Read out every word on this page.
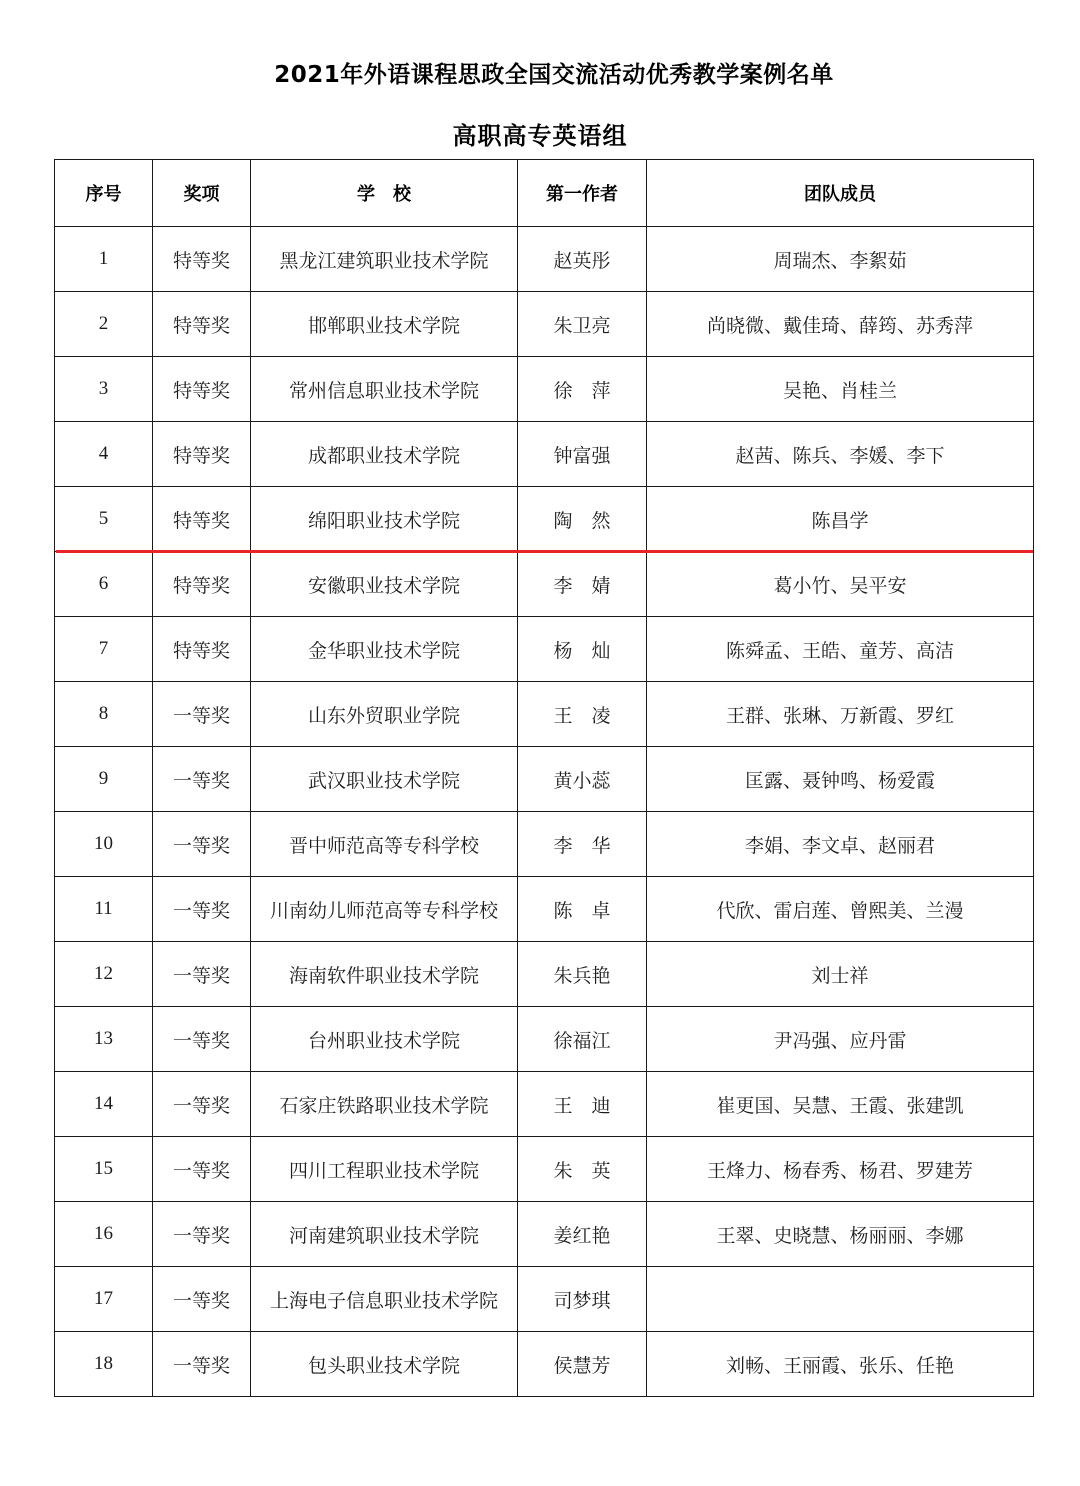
2021年外语课程思政全国交流活动优秀教学案例名单
高职高专英语组
序号	奖项	学　校	第一作者	团队成员
1	特等奖	黑龙江建筑职业技术学院	赵英彤	周瑞杰、李絮茹
2	特等奖	邯郸职业技术学院	朱卫亮	尚晓微、戴佳琦、薛筠、苏秀萍
3	特等奖	常州信息职业技术学院	徐　萍	吴艳、肖桂兰
4	特等奖	成都职业技术学院	钟富强	赵茜、陈兵、李媛、李下
5	特等奖	绵阳职业技术学院	陶　然	陈昌学
6	特等奖	安徽职业技术学院	李　婧	葛小竹、吴平安
7	特等奖	金华职业技术学院	杨　灿	陈舜孟、王皓、童芳、高洁
8	一等奖	山东外贸职业学院	王　凌	王群、张琳、万新霞、罗红
9	一等奖	武汉职业技术学院	黄小蕊	匡露、聂钟鸣、杨爱霞
10	一等奖	晋中师范高等专科学校	李　华	李娟、李文卓、赵丽君
11	一等奖	川南幼儿师范高等专科学校	陈　卓	代欣、雷启莲、曾熙美、兰漫
12	一等奖	海南软件职业技术学院	朱兵艳	刘士祥
13	一等奖	台州职业技术学院	徐福江	尹冯强、应丹雷
14	一等奖	石家庄铁路职业技术学院	王　迪	崔更国、吴慧、王霞、张建凯
15	一等奖	四川工程职业技术学院	朱　英	王烽力、杨春秀、杨君、罗建芳
16	一等奖	河南建筑职业技术学院	姜红艳	王翠、史晓慧、杨丽丽、李娜
17	一等奖	上海电子信息职业技术学院	司梦琪	
18	一等奖	包头职业技术学院	侯慧芳	刘畅、王丽霞、张乐、任艳
